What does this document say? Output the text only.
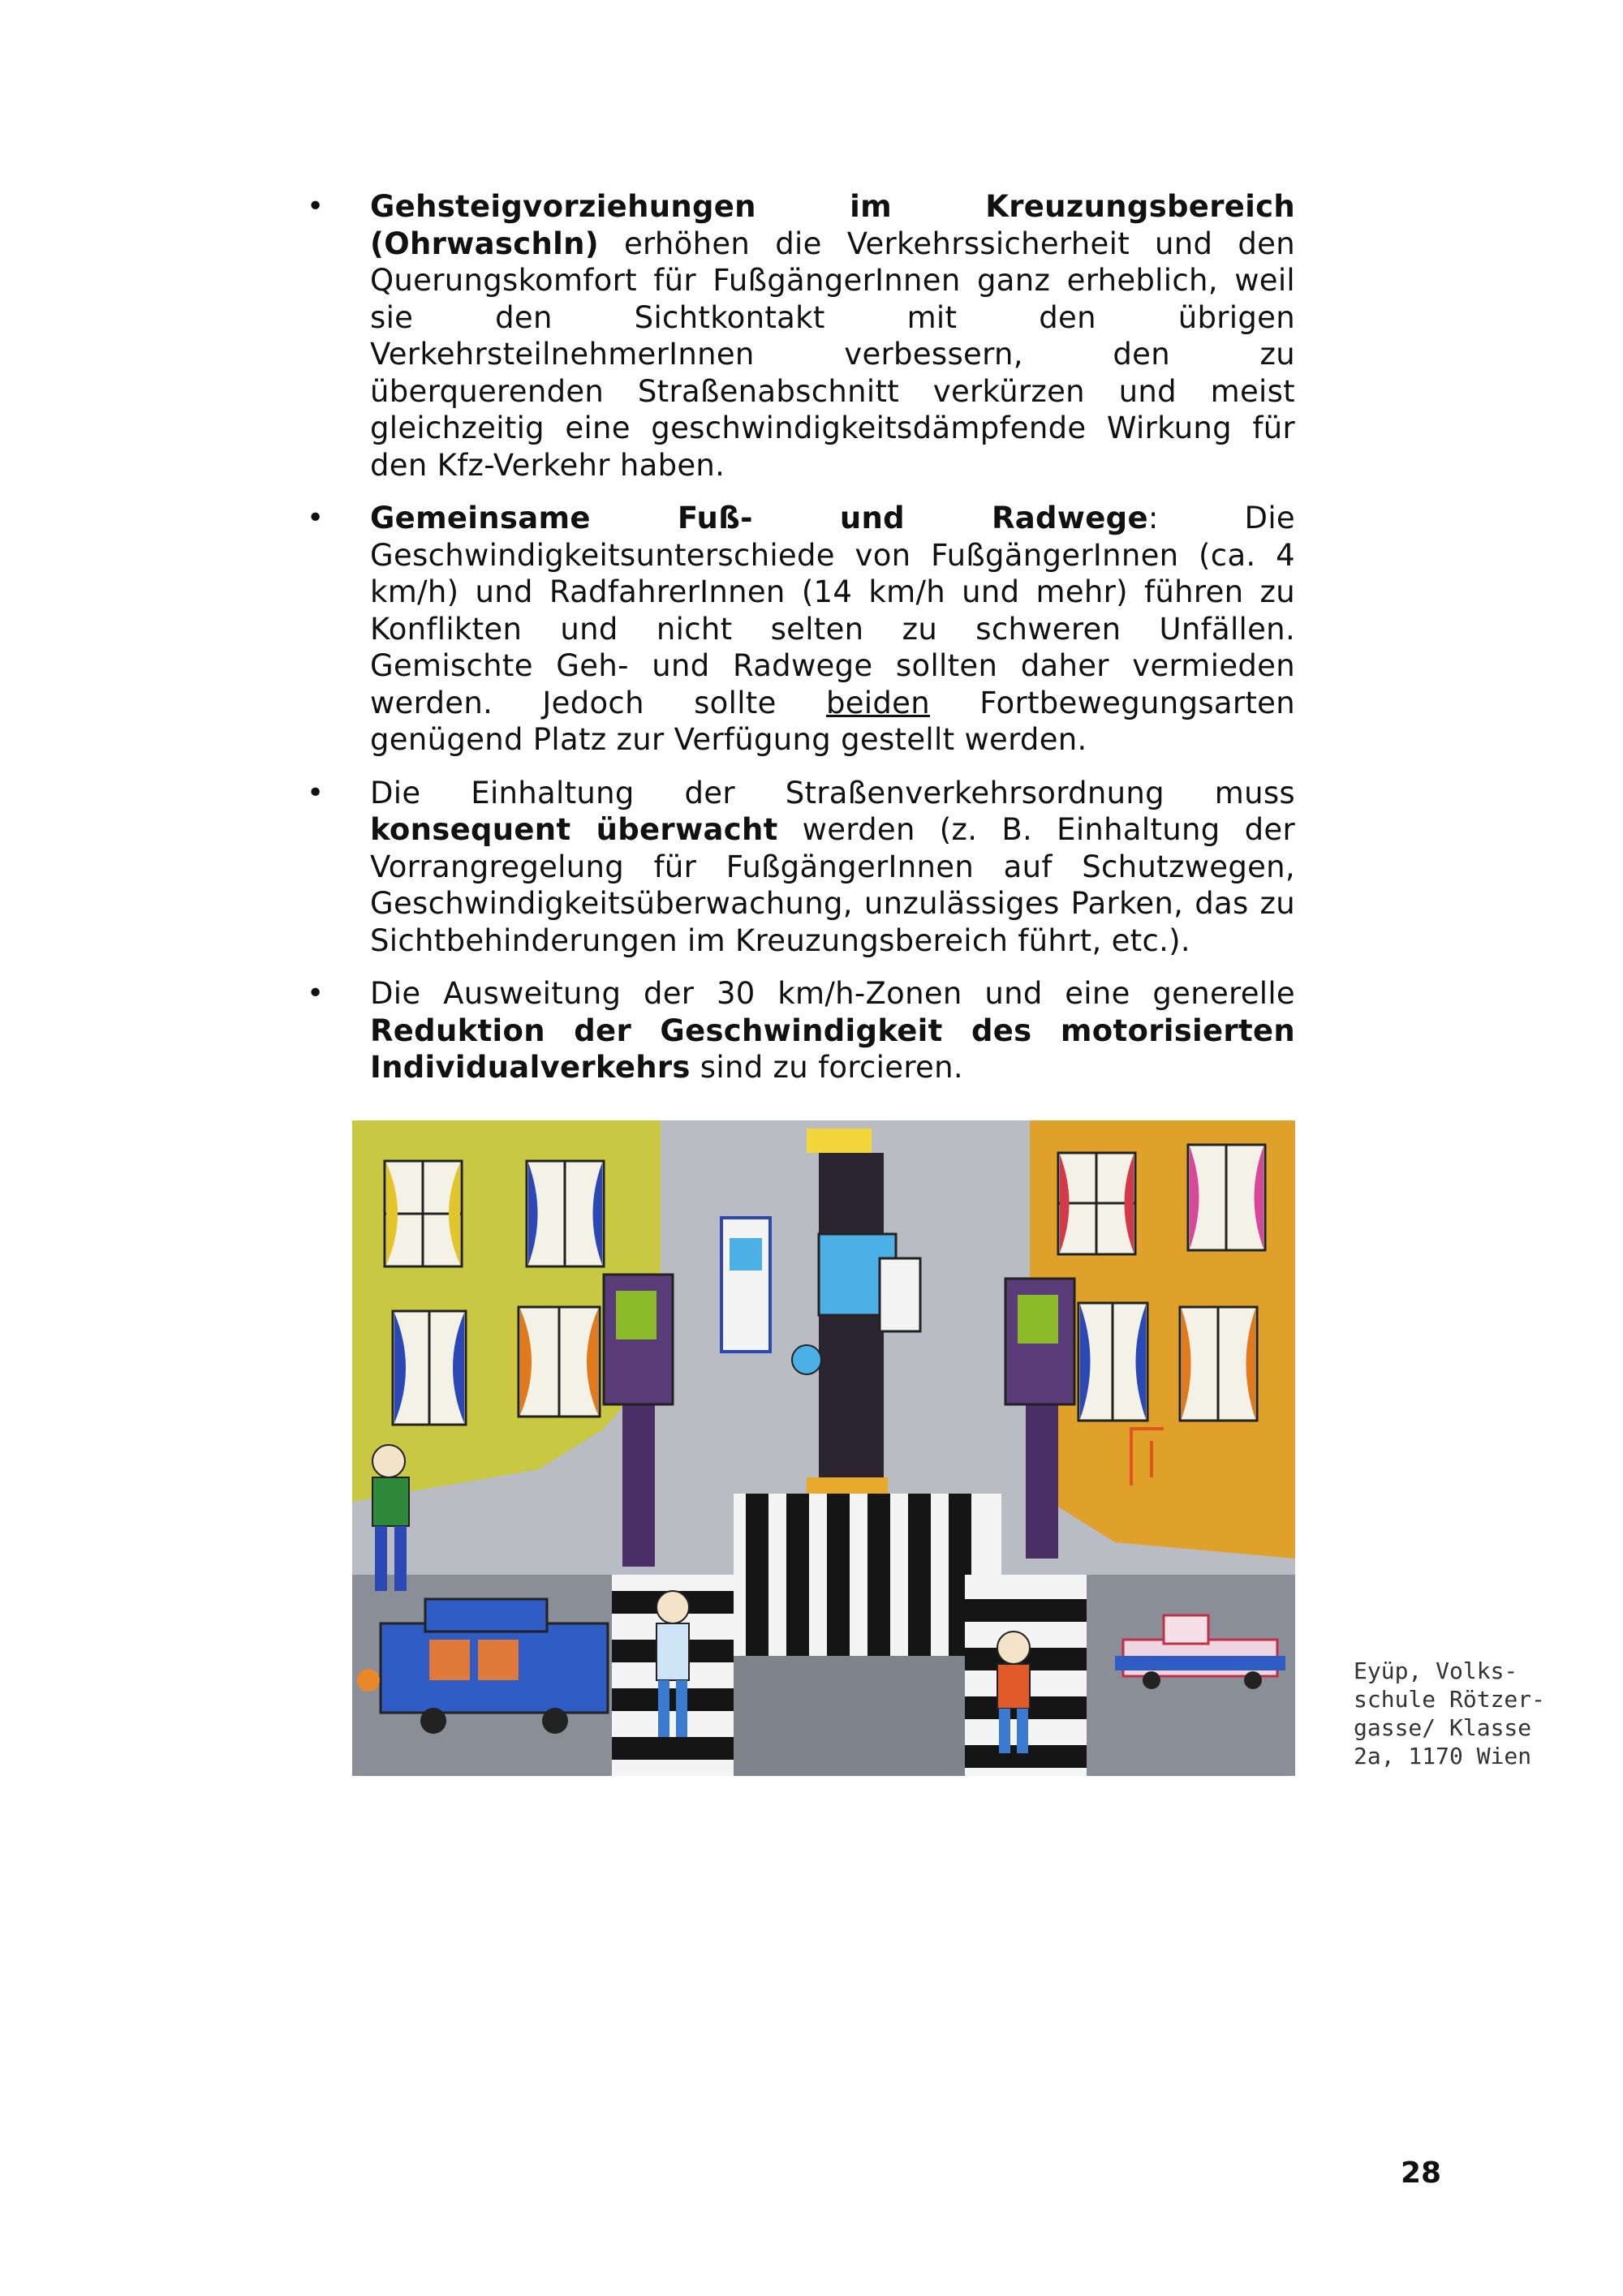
• Gehsteigvorziehungen im Kreuzungsbereich (Ohrwaschln) erhöhen die Verkehrssicherheit und den Querungskomfort für FußgängerInnen ganz erheblich, weil sie den Sichtkontakt mit den übrigen VerkehrsteilnehmerInnen verbessern, den zu überquerenden Straßenabschnitt verkürzen und meist gleichzeitig eine geschwindigkeitsdämpfende Wirkung für den Kfz-Verkehr haben.
• Gemeinsame Fuß- und Radwege: Die Geschwindigkeitsunterschiede von FußgängerInnen (ca. 4 km/h) und RadfahrerInnen (14 km/h und mehr) führen zu Konflikten und nicht selten zu schweren Unfällen. Gemischte Geh- und Radwege sollten daher vermieden werden. Jedoch sollte beiden Fortbewegungsarten genügend Platz zur Verfügung gestellt werden.
• Die Einhaltung der Straßenverkehrsordnung muss konsequent überwacht werden (z. B. Einhaltung der Vorrangregelung für FußgängerInnen auf Schutzwegen, Geschwindigkeitsüberwachung, unzulässiges Parken, das zu Sichtbehinderungen im Kreuzungsbereich führt, etc.).
• Die Ausweitung der 30 km/h-Zonen und eine generelle Reduktion der Geschwindigkeit des motorisierten Individualverkehrs sind zu forcieren.

Eyüp, Volks-
schule Rötzer-
gasse/ Klasse
2a, 1170 Wien

28
